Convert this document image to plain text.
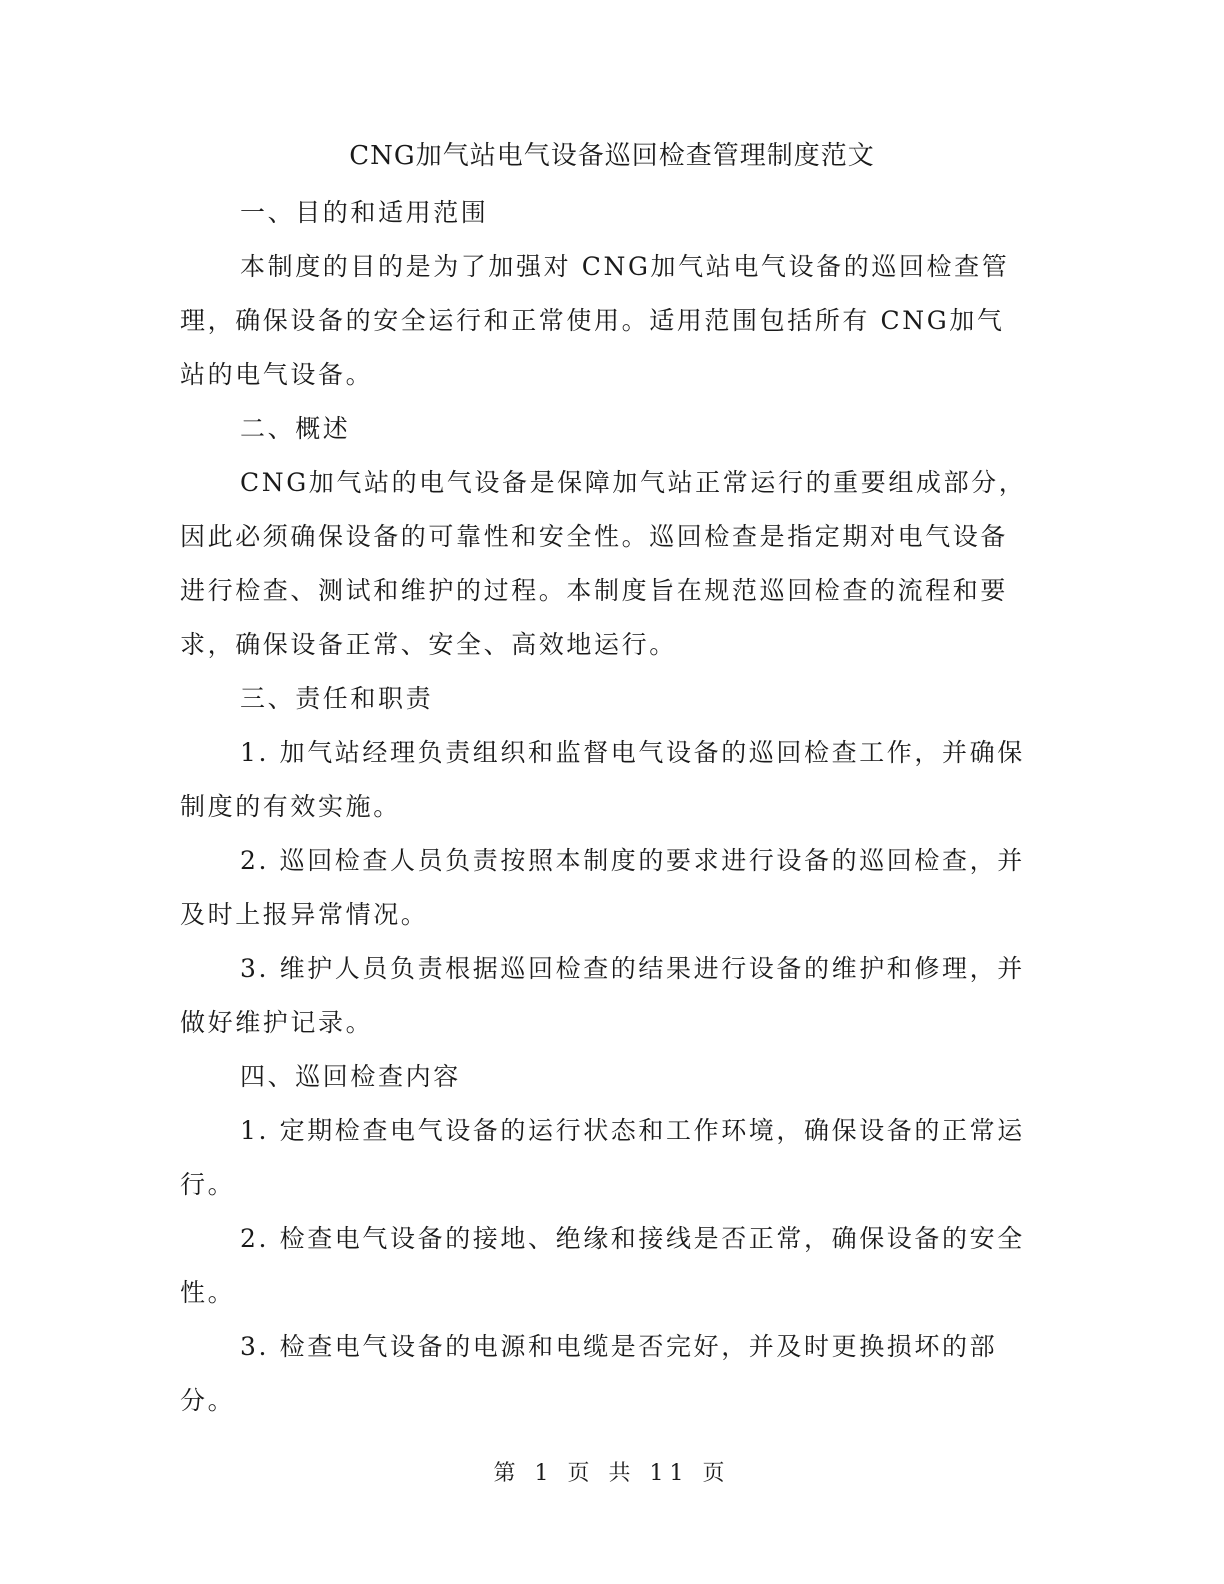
CNG加气站电气设备巡回检查管理制度范文

一、目的和适用范围

本制度的目的是为了加强对 CNG加气站电气设备的巡回检查管理，确保设备的安全运行和正常使用。适用范围包括所有 CNG加气站的电气设备。

二、概述

CNG加气站的电气设备是保障加气站正常运行的重要组成部分，因此必须确保设备的可靠性和安全性。巡回检查是指定期对电气设备进行检查、测试和维护的过程。本制度旨在规范巡回检查的流程和要求，确保设备正常、安全、高效地运行。

三、责任和职责

1. 加气站经理负责组织和监督电气设备的巡回检查工作，并确保制度的有效实施。

2. 巡回检查人员负责按照本制度的要求进行设备的巡回检查，并及时上报异常情况。

3. 维护人员负责根据巡回检查的结果进行设备的维护和修理，并做好维护记录。

四、巡回检查内容

1. 定期检查电气设备的运行状态和工作环境，确保设备的正常运行。

2. 检查电气设备的接地、绝缘和接线是否正常，确保设备的安全性。

3. 检查电气设备的电源和电缆是否完好，并及时更换损坏的部分。

第 1 页 共 11 页
